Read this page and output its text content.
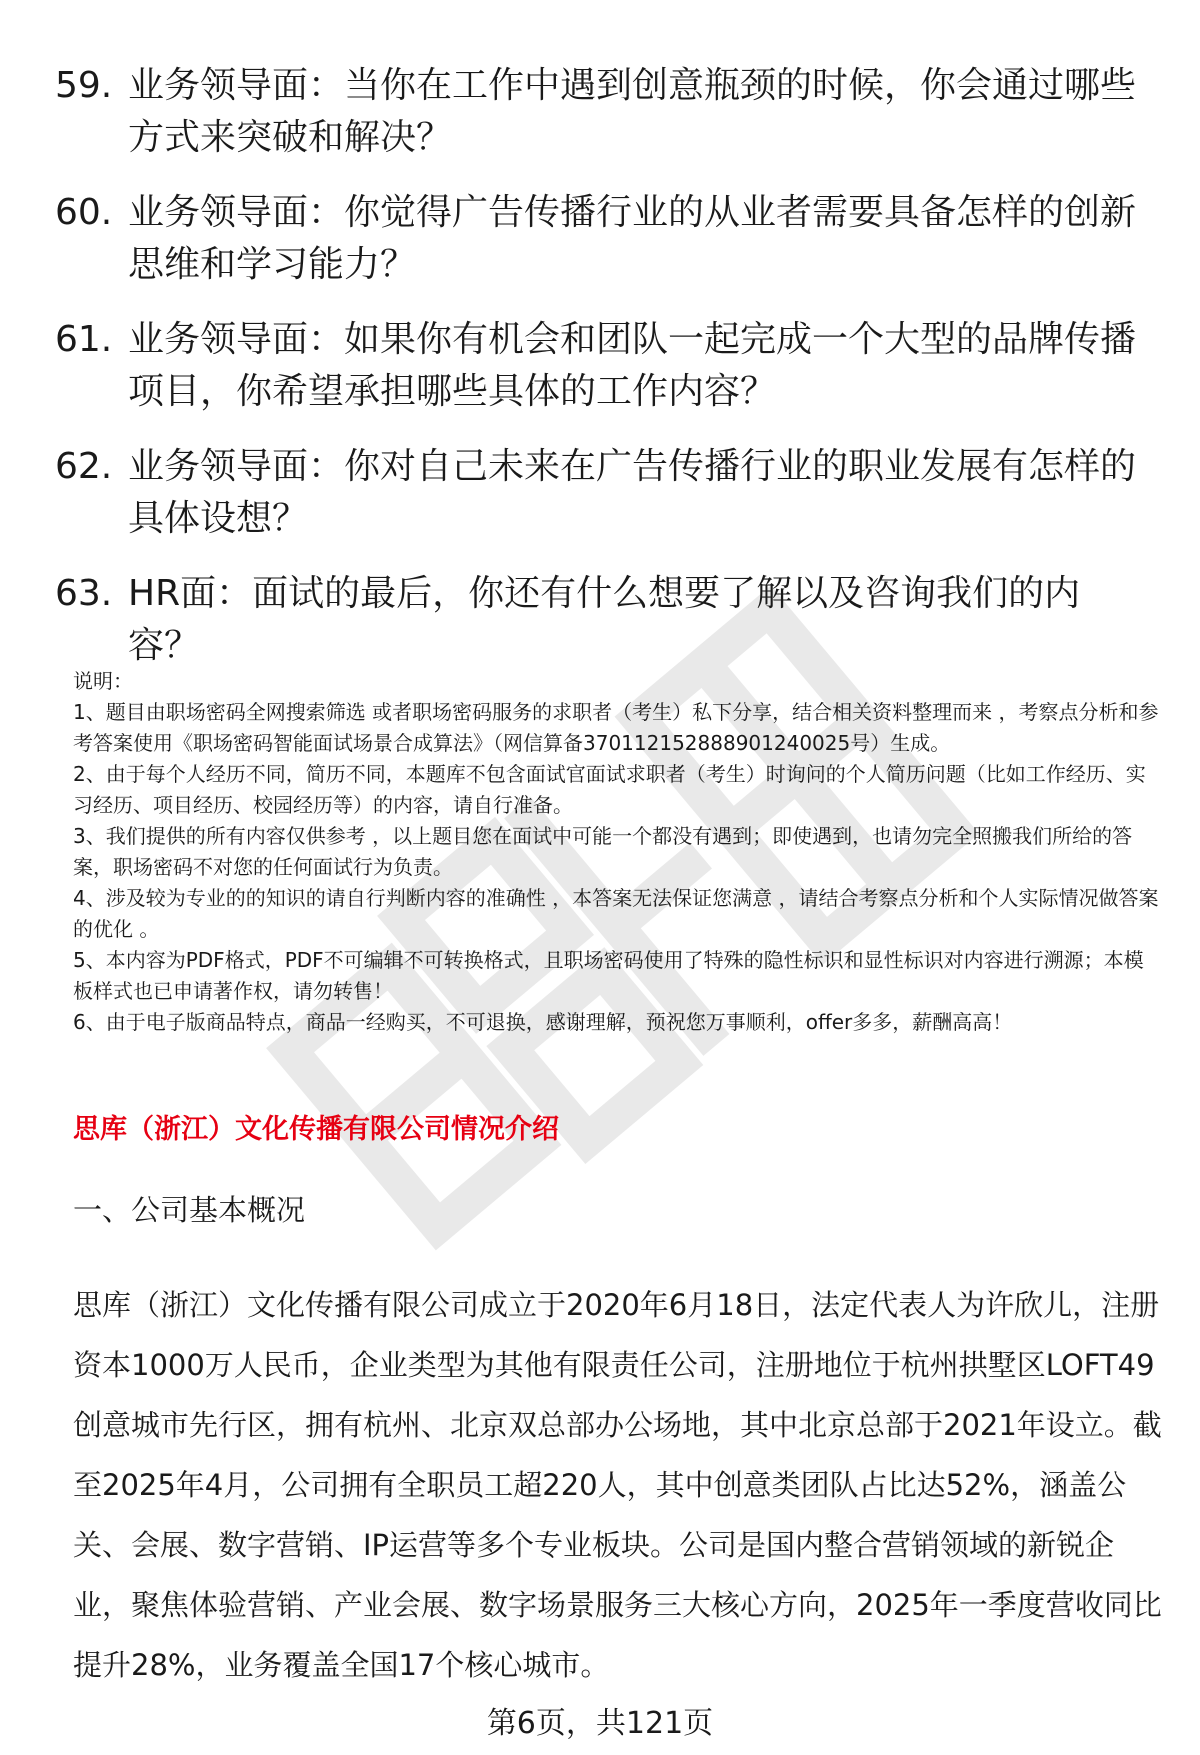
59. 业务领导面：当你在工作中遇到创意瓶颈的时候，你会通过哪些方式来突破和解决？
60. 业务领导面：你觉得广告传播行业的从业者需要具备怎样的创新思维和学习能力？
61. 业务领导面：如果你有机会和团队一起完成一个大型的品牌传播项目，你希望承担哪些具体的工作内容？
62. 业务领导面：你对自己未来在广告传播行业的职业发展有怎样的具体设想？
63. HR面：面试的最后，你还有什么想要了解以及咨询我们的内容？

说明：

1、题目由职场密码全网搜索筛选 或者职场密码服务的求职者（考生）私下分享，结合相关资料整理而来 ，考察点分析和参考答案使用《职场密码智能面试场景合成算法》（网信算备370112152888901240025号）生成。

2、由于每个人经历不同，简历不同，本题库不包含面试官面试求职者（考生）时询问的个人简历问题（比如工作经历、实习经历、项目经历、校园经历等）的内容，请自行准备。

3、我们提供的所有内容仅供参考 ，以上题目您在面试中可能一个都没有遇到；即使遇到，也请勿完全照搬我们所给的答案，职场密码不对您的任何面试行为负责。

4、涉及较为专业的的知识的请自行判断内容的准确性 ，本答案无法保证您满意 ，请结合考察点分析和个人实际情况做答案的优化 。

5、本内容为PDF格式，PDF不可编辑不可转换格式，且职场密码使用了特殊的隐性标识和显性标识对内容进行溯源；本模板样式也已申请著作权，请勿转售！

6、由于电子版商品特点，商品一经购买，不可退换，感谢理解，预祝您万事顺利，offer多多，薪酬高高！

思库（浙江）文化传播有限公司情况介绍
一、公司基本概况
思库（浙江）文化传播有限公司成立于2020年6月18日，法定代表人为许欣儿，注册资本1000万人民币，企业类型为其他有限责任公司，注册地位于杭州拱墅区LOFT49创意城市先行区，拥有杭州、北京双总部办公场地，其中北京总部于2021年设立。截至2025年4月，公司拥有全职员工超220人，其中创意类团队占比达52%，涵盖公关、会展、数字营销、IP运营等多个专业板块。公司是国内整合营销领域的新锐企业，聚焦体验营销、产业会展、数字场景服务三大核心方向，2025年一季度营收同比提升28%，业务覆盖全国17个核心城市。
第6页，共121页
